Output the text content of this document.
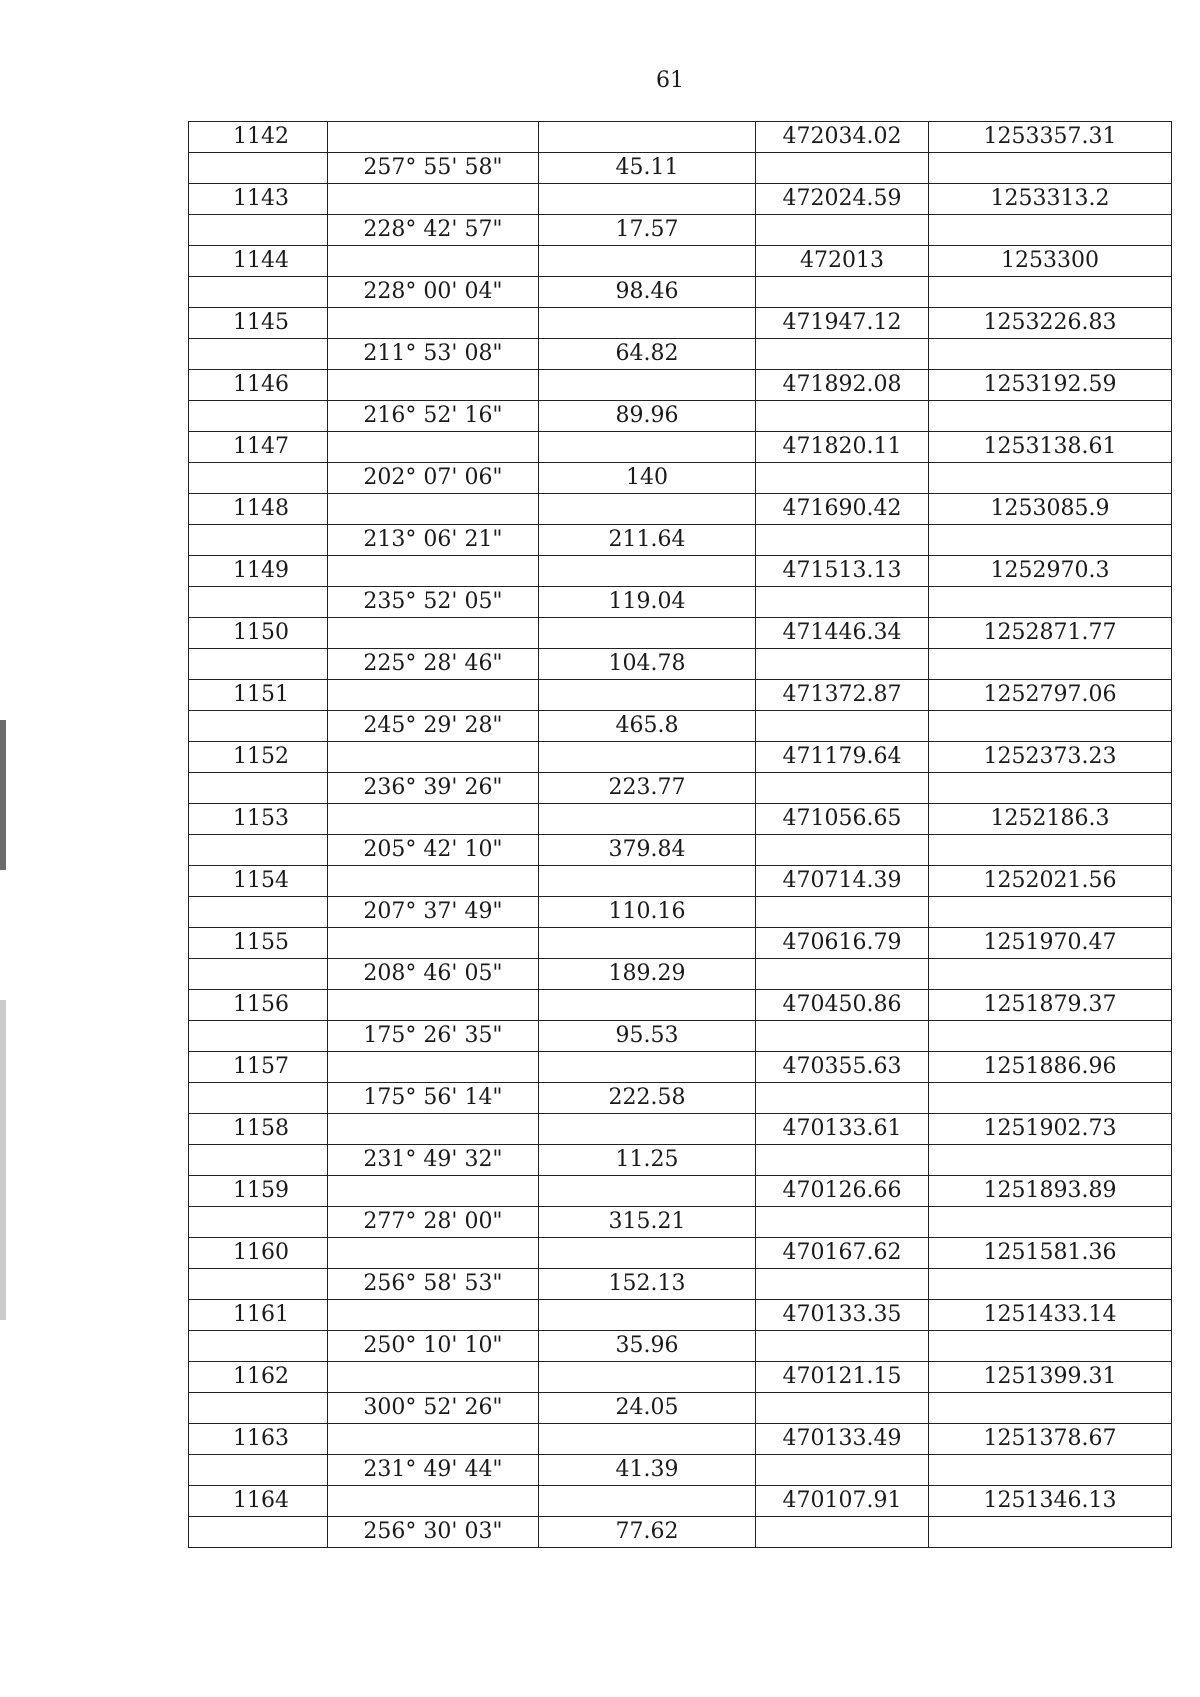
61
1142			472034.02	1253357.31
	257° 55' 58"	45.11		
1143			472024.59	1253313.2
	228° 42' 57"	17.57		
1144			472013	1253300
	228° 00' 04"	98.46		
1145			471947.12	1253226.83
	211° 53' 08"	64.82		
1146			471892.08	1253192.59
	216° 52' 16"	89.96		
1147			471820.11	1253138.61
	202° 07' 06"	140		
1148			471690.42	1253085.9
	213° 06' 21"	211.64		
1149			471513.13	1252970.3
	235° 52' 05"	119.04		
1150			471446.34	1252871.77
	225° 28' 46"	104.78		
1151			471372.87	1252797.06
	245° 29' 28"	465.8		
1152			471179.64	1252373.23
	236° 39' 26"	223.77		
1153			471056.65	1252186.3
	205° 42' 10"	379.84		
1154			470714.39	1252021.56
	207° 37' 49"	110.16		
1155			470616.79	1251970.47
	208° 46' 05"	189.29		
1156			470450.86	1251879.37
	175° 26' 35"	95.53		
1157			470355.63	1251886.96
	175° 56' 14"	222.58		
1158			470133.61	1251902.73
	231° 49' 32"	11.25		
1159			470126.66	1251893.89
	277° 28' 00"	315.21		
1160			470167.62	1251581.36
	256° 58' 53"	152.13		
1161			470133.35	1251433.14
	250° 10' 10"	35.96		
1162			470121.15	1251399.31
	300° 52' 26"	24.05		
1163			470133.49	1251378.67
	231° 49' 44"	41.39		
1164			470107.91	1251346.13
	256° 30' 03"	77.62		
